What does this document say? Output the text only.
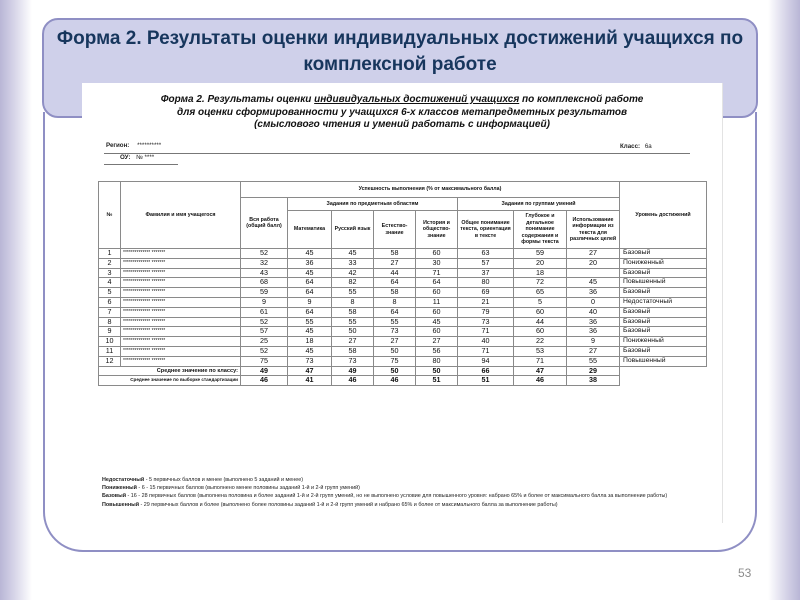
Форма 2. Результаты оценки индивидуальных достижений учащихся по комплексной работе
Форма 2. Результаты оценки индивидуальных достижений учащихся по комплексной работе
для оценки сформированности у учащихся 6-х классов метапредметных результатов
(смыслового чтения и умений работать с информацией)
Регион: **********
ОУ: № ****
Класс: 6а
№	Фамилия и имя учащегося	Успешность выполнения (% от максимального балла)								Уровень достижений
		Вся работа (общий балл)	Задания по предметным областям				Задания по группам умений			
			Математика	Русский язык	Естество-знание	История и общество-знание	Общее понимание текста, ориентация в тексте	Глубокое и детальное понимание содержания и формы текста	Использование информации из текста для различных целей	
1	************** *******	52	45	45	58	60	63	59	27	Базовый
2	************** *******	32	36	33	27	30	57	20	20	Пониженный
3	************** *******	43	45	42	44	71	37	18		Базовый
4	************** *******	68	64	82	64	64	80	72	45	Повышенный
5	************** *******	59	64	55	58	60	69	65	36	Базовый
6	************** *******	9	9	8	8	11	21	5	0	Недостаточный
7	************** *******	61	64	58	64	60	79	60	40	Базовый
8	************** *******	52	55	55	55	45	73	44	36	Базовый
9	************** *******	57	45	50	73	60	71	60	36	Базовый
10	************** *******	25	18	27	27	27	40	22	9	Пониженный
11	************** *******	52	45	58	50	56	71	53	27	Базовый
12	************** *******	75	73	73	75	80	94	71	55	Повышенный
Среднее значение по классу:		49	47	49	50	50	66	47	29	
Среднее значение по выборке стандартизации		46	41	46	46	51	51	46	38	
Недостаточный - 5 первичных баллов и менее (выполнено 5 заданий и менее)
Пониженный - 6 - 15 первичных баллов (выполнено менее половины заданий 1-й и 2-й групп умений)
Базовый - 16 - 28 первичных баллов (выполнена половина и более заданий 1-й и 2-й групп умений, но не выполнено условие для повышенного уровня: набрано 65% и более от максимального балла за выполнение работы)
Повышенный - 29 первичных баллов и более (выполнено более половины заданий 1-й и 2-й групп умений и набрано 65% и более от максимального балла за выполнение работы)
53
